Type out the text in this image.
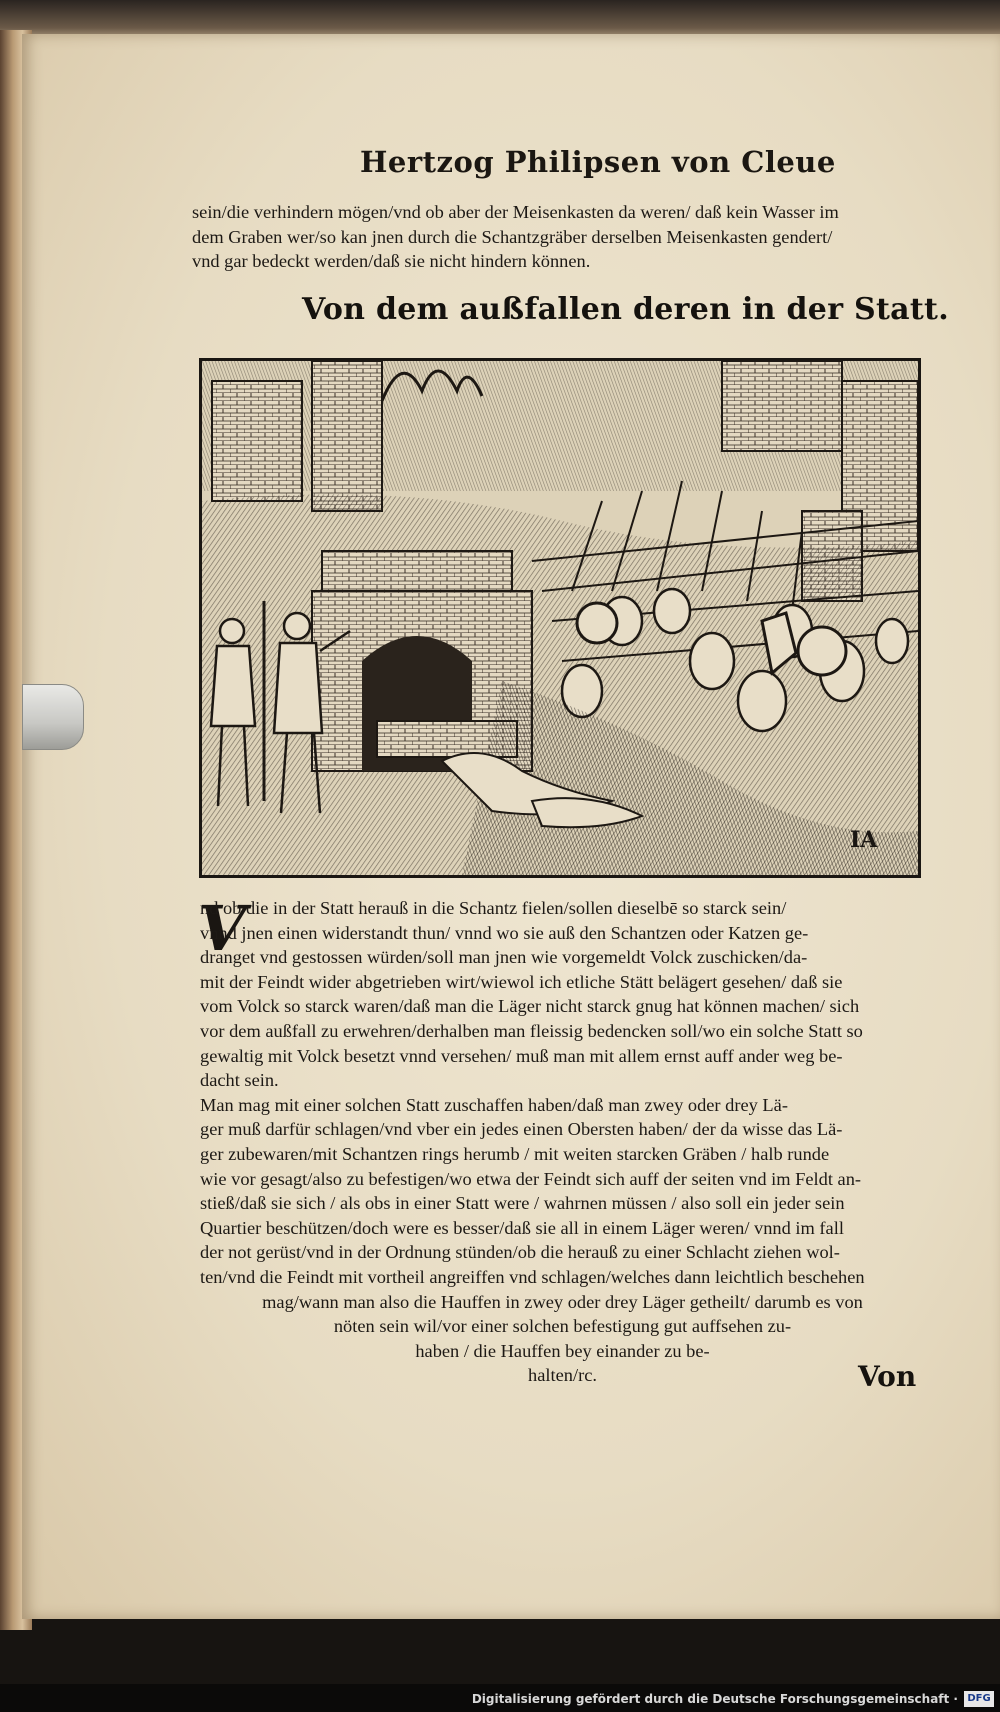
Hertzog Philipsen von Cleue
sein/die verhindern mögen/vnd ob aber der Meisenkasten da weren/ daß kein Wasser im
dem Graben wer/so kan jnen durch die Schantzgräber derselben Meisenkasten gendert/
vnd gar bedeckt werden/daß sie nicht hindern können.
Von dem außfallen deren in der Statt.
IA
V
nd ob die in der Statt herauß in die Schantz fielen/sollen dieselbē so starck sein/
vnnd jnen einen widerstandt thun/ vnnd wo sie auß den Schantzen oder Katzen ge-
dranget vnd gestossen würden/soll man jnen wie vorgemeldt Volck zuschicken/da-
mit der Feindt wider abgetrieben wirt/wiewol ich etliche Stätt belägert gesehen/ daß sie
vom Volck so starck waren/daß man die Läger nicht starck gnug hat können machen/ sich
vor dem außfall zu erwehren/derhalben man fleissig bedencken soll/wo ein solche Statt so
gewaltig mit Volck besetzt vnnd versehen/ muß man mit allem ernst auff ander weg be-
dacht sein.
Man mag mit einer solchen Statt zuschaffen haben/daß man zwey oder drey Lä-
ger muß darfür schlagen/vnd vber ein jedes einen Obersten haben/ der da wisse das Lä-
ger zubewaren/mit Schantzen rings herumb / mit weiten starcken Gräben / halb runde
wie vor gesagt/also zu befestigen/wo etwa der Feindt sich auff der seiten vnd im Feldt an-
stieß/daß sie sich / als obs in einer Statt were / wahrnen müssen / also soll ein jeder sein
Quartier beschützen/doch were es besser/daß sie all in einem Läger weren/ vnnd im fall
der not gerüst/vnd in der Ordnung stünden/ob die herauß zu einer Schlacht ziehen wol-
ten/vnd die Feindt mit vortheil angreiffen vnd schlagen/welches dann leichtlich beschehen
mag/wann man also die Hauffen in zwey oder drey Läger getheilt/ darumb es von
nöten sein wil/vor einer solchen befestigung gut auffsehen zu-
haben / die Hauffen bey einander zu be-
halten/rc.	Von
Digitalisierung gefördert durch die Deutsche Forschungsgemeinschaft · DFG
